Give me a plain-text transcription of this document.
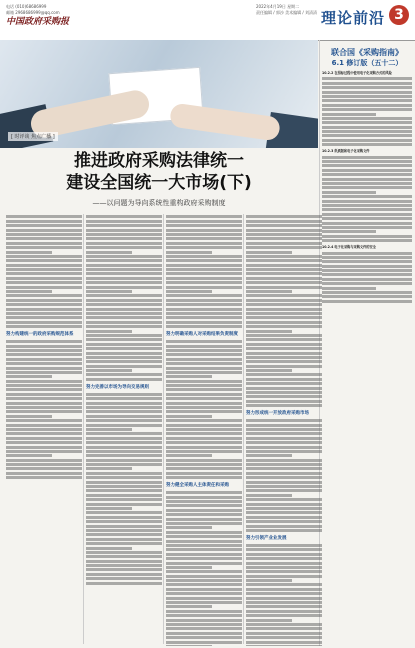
电话 (010)68686999
邮箱 2968686999@qq.com
中国政府采购报
2022年4月19日 星期二
责任编辑 / 郭沙 美术编辑 / 刘清清 理论前沿 3
[ 时评谈 焦点广播 ]
推进政府采购法律统一
建设全国统一大市场(下)
——以问题为导向系统性重构政府采购制度
努力构建统一的政府采购规范体系
努力完善以市场为导向交易规则
努力明确采购人对采购结果负责制度
努力健全采购人主体责任和采购
努力形成统一开放政府采购市场
努力引领产业业发展
联合国《采购指南》
6.1 修订版（五十二）
10.2.2 在招标过程中使用电子化采购方式的风险
10.2.3 纸质版和电子化采购文件
10.2.4 电子化采购与采购文件的安全
